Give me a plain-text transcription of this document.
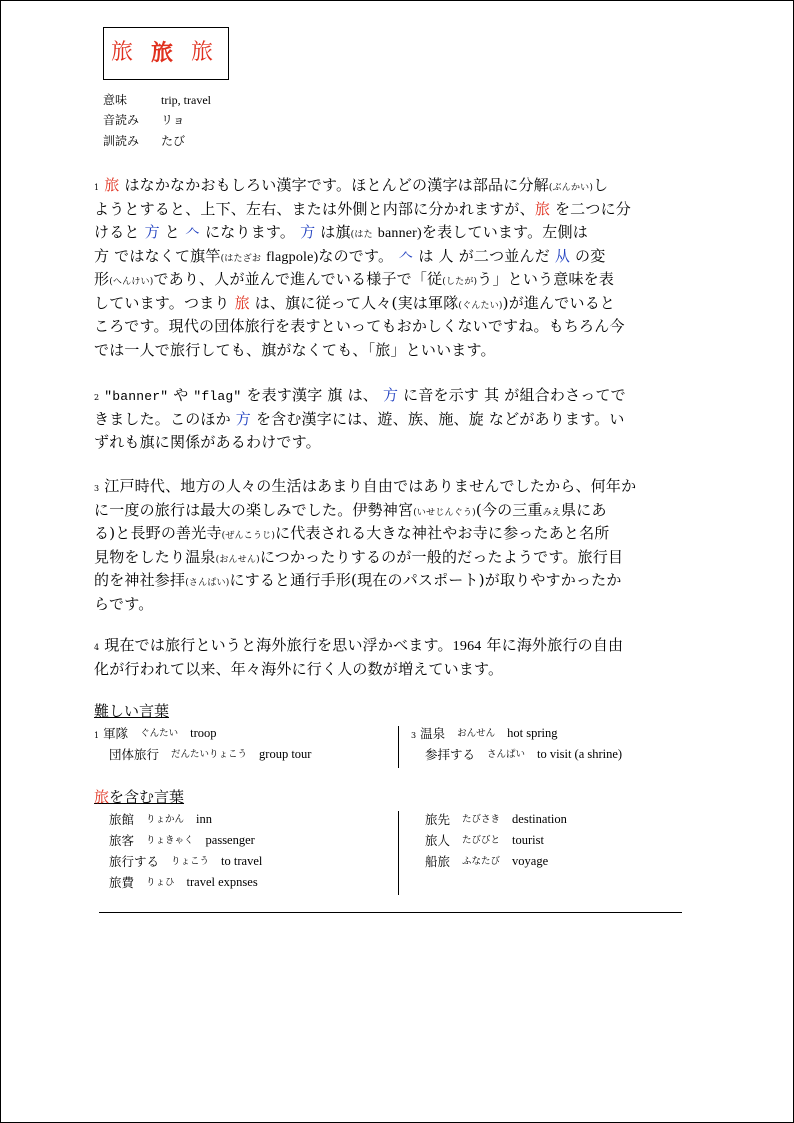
旅 旅 旅
意味	trip, travel
音読み リョ
訓読み たび
$^1$ 旅 はなかなかおもしろい漢字です。ほとんどの漢字は部品に分解(ぶんかい)し
ようとすると、上下、左右、または外側と内部に分かれますが、旅 を二つに分
けると 方 と 𠆢 になります。 方 は旗(はた banner)を表しています。左側は
方 ではなくて旗竿(はたざお flagpole)なのです。 𠆢 は 人 が二つ並んだ 从 の変
形(へんけい)であり、人が並んで進んでいる様子で「従(したが)う」という意味を表
しています。つまり 旅 は、旗に従って人々(実は軍隊(ぐんたい))が進んでいると
ころです。現代の団体旅行を表すといってもおかしくないですね。もちろん今
では一人で旅行しても、旗がなくても、「旅」といいます。
$^2$ "banner" や "flag" を表す漢字 旗 は、 方 に音を示す 其 が組合わさってで
きました。このほか 方 を含む漢字には、遊、族、施、旋 などがあります。い
ずれも旗に関係があるわけです。
$^3$ 江戸時代、地方の人々の生活はあまり自由ではありませんでしたから、何年か
に一度の旅行は最大の楽しみでした。伊勢神宮(いせじんぐう)(今の三重みえ県にあ
る)と長野の善光寺(ぜんこうじ)に代表される大きな神社やお寺に参ったあと名所
見物をしたり温泉(おんせん)につかったりするのが一般的だったようです。旅行目
的を神社参拝(さんぱい)にすると通行手形(現在のパスポート)が取りやすかったか
らです。
$^4$ 現在では旅行というと海外旅行を思い浮かべます。1964 年に海外旅行の自由
化が行われて以来、年々海外に行く人の数が増えています。
難しい言葉
1
軍隊 ぐんたい troop
団体旅行 だんたいりょこう group tour
3
温泉 おんせん hot spring
参拝する さんぱい to visit (a shrine)
旅を含む言葉
旅館 りょかん inn
旅客 りょきゃく passenger
旅行する りょこう to travel
旅費 りょひ travel expnses
旅先 たびさき destination
旅人 たびびと tourist
船旅 ふなたび voyage
